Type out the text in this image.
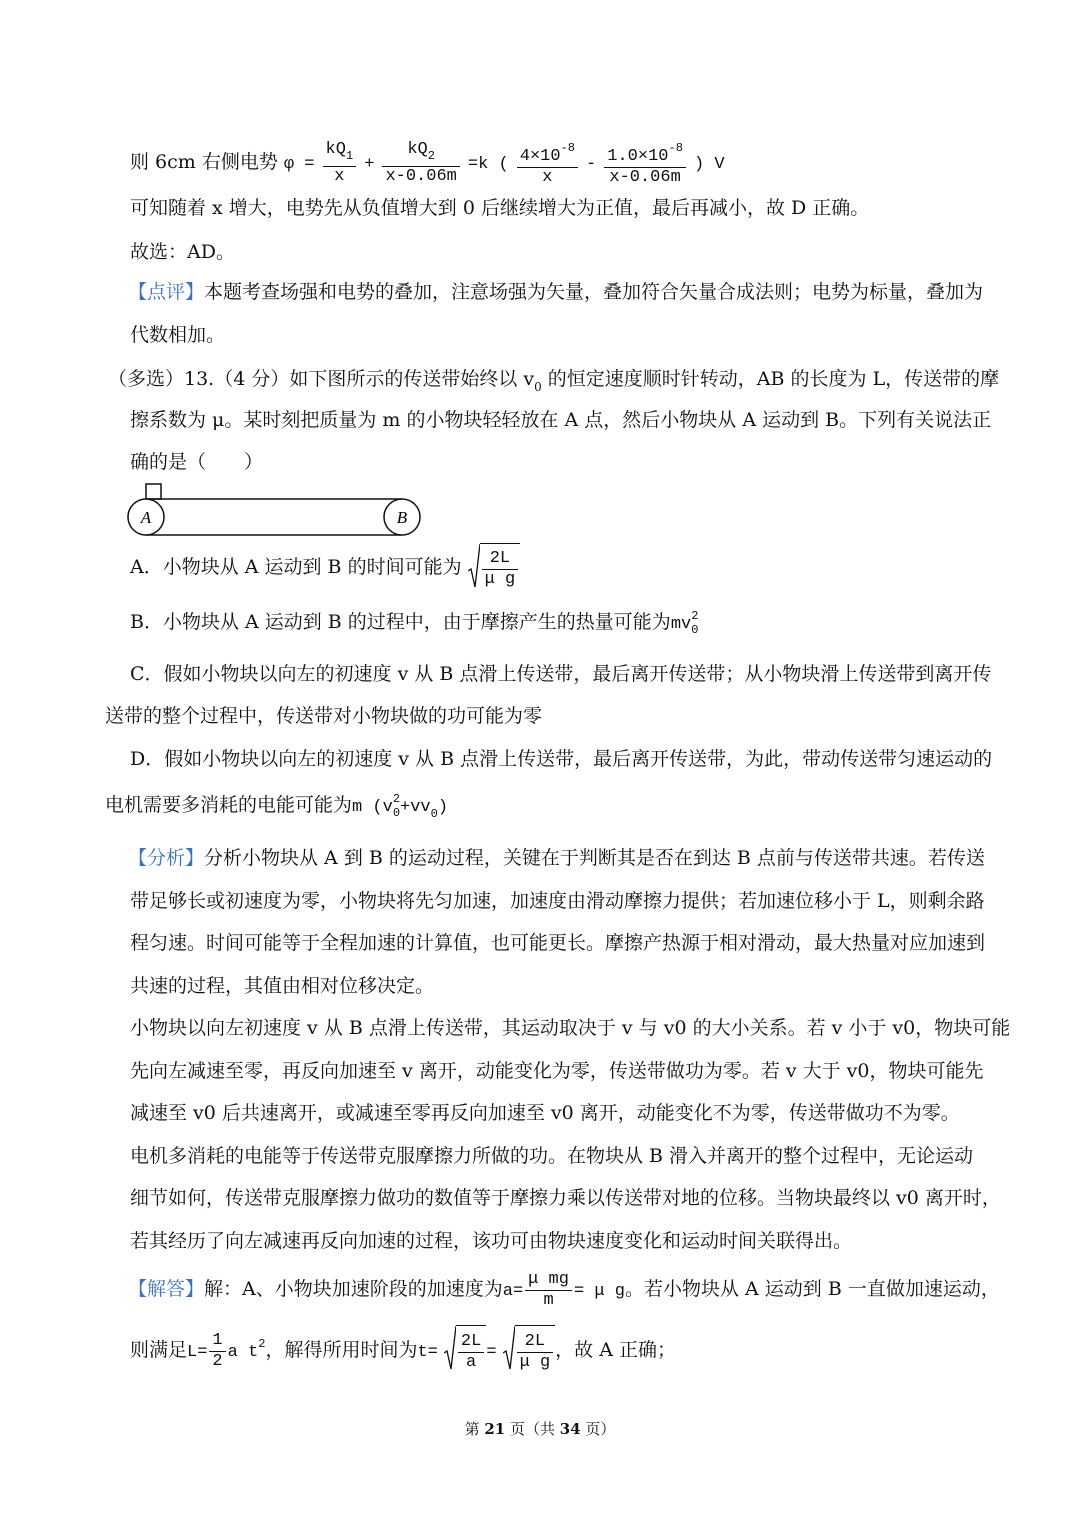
则 6cm 右侧电势 $\varphi = \frac{kQ_1}{x} + \frac{kQ_2}{x-0.06m} =k$ ( $\frac{4\times 10^{-8}}{x} - \frac{1.0\times 10^{-8}}{x-0.06m}$ ) V
可知随着 x 增大，电势先从负值增大到 0 后继续增大为正值，最后再减小，故 D 正确。
故选：AD。
【点评】本题考查场强和电势的叠加，注意场强为矢量，叠加符合矢量合成法则；电势为标量，叠加为
代数相加。
（多选）13.（4 分）如下图所示的传送带始终以 $v_0$ 的恒定速度顺时针转动，AB 的长度为 L，传送带的摩
擦系数为 μ。某时刻把质量为 m 的小物块轻轻放在 A 点，然后小物块从 A 运动到 B。下列有关说法正
确的是（　　）
A	B
A．小物块从 A 运动到 B 的时间可能为 $\frac{2L}{\text{μ g}}$
B．小物块从 A 运动到 B 的过程中，由于摩擦产生的热量可能为mv 2
0
C．假如小物块以向左的初速度 v 从 B 点滑上传送带，最后离开传送带；从小物块滑上传送带到离开传
送带的整个过程中，传送带对小物块做的功可能为零
D．假如小物块以向左的初速度 v 从 B 点滑上传送带，最后离开传送带，为此，带动传送带匀速运动的
电机需要多消耗的电能可能为m (v 2
$0 +vv_0$)
【分析】分析小物块从 A 到 B 的运动过程，关键在于判断其是否在到达 B 点前与传送带共速。若传送
带足够长或初速度为零，小物块将先匀加速，加速度由滑动摩擦力提供；若加速位移小于 L，则剩余路
程匀速。时间可能等于全程加速的计算值，也可能更长。摩擦产热源于相对滑动，最大热量对应加速到
共速的过程，其值由相对位移决定。
小物块以向左初速度 v 从 B 点滑上传送带，其运动取决于 v 与 v0 的大小关系。若 v 小于 v0，物块可能
先向左减速至零，再反向加速至 v 离开，动能变化为零，传送带做功为零。若 v 大于 v0，物块可能先
减速至 v0 后共速离开，或减速至零再反向加速至 v0 离开，动能变化不为零，传送带做功不为零。
电机多消耗的电能等于传送带克服摩擦力所做的功。在物块从 B 滑入并离开的整个过程中，无论运动
细节如何，传送带克服摩擦力做功的数值等于摩擦力乘以传送带对地的位移。当物块最终以 v0 离开时，
若其经历了向左减速再反向加速的过程，该功可由物块速度变化和运动时间关联得出。
【解答】解：A、小物块加速阶段的加速度为$a= \frac{\text{μ mg}}{m} = \mu$ g。若小物块从 A 运动到 B 一直做加速运动，
则满足$L= \frac{1}{2}$ a $t^2$，解得所用时间为$t= \frac{2L}{a} = \frac{2L}{\text{μ g}}$ ，故 A 正确；
第 21 页（共 34 页）
